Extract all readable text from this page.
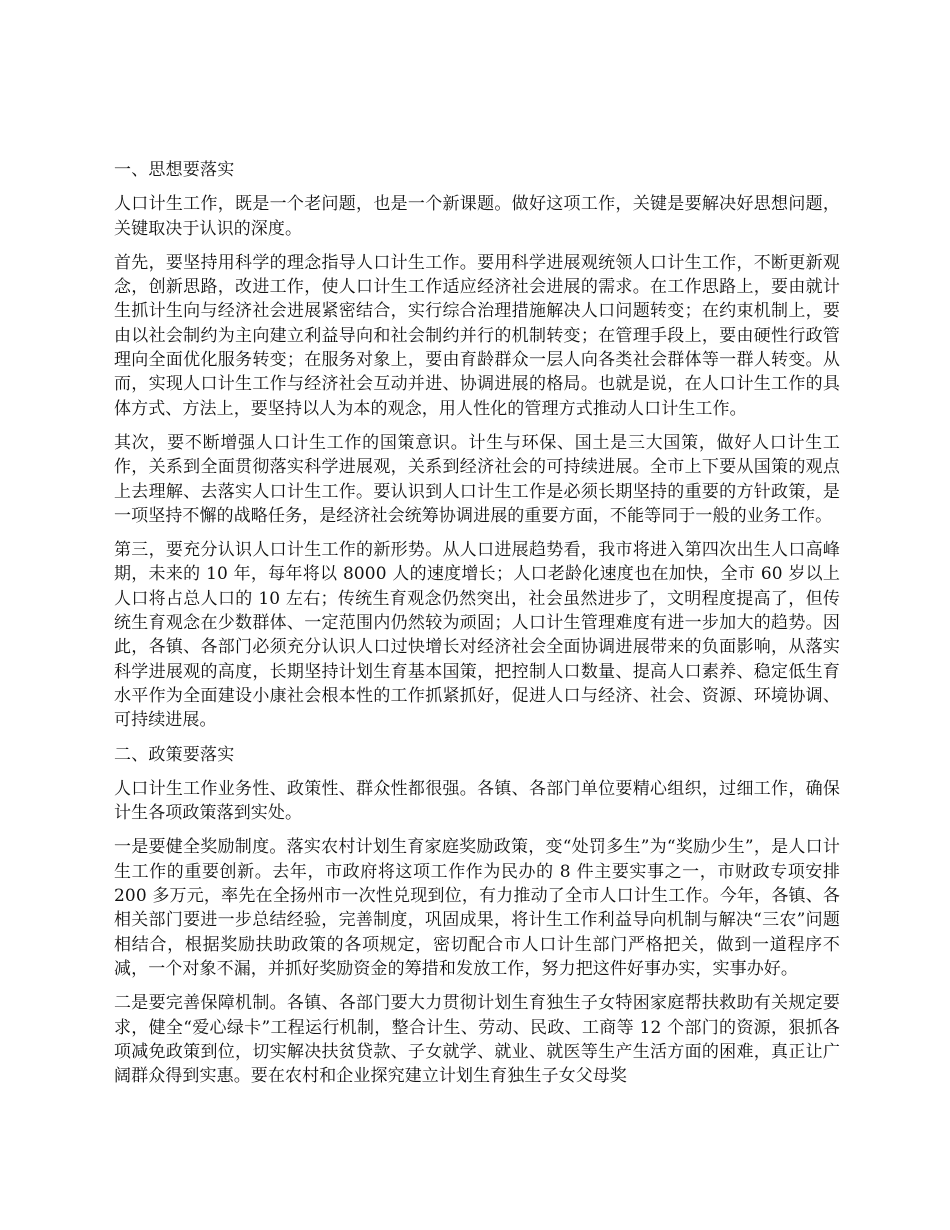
一、思想要落实

人口计生工作，既是一个老问题，也是一个新课题。做好这项工作，关键是要解决好思想问题，关键取决于认识的深度。

首先，要坚持用科学的理念指导人口计生工作。要用科学进展观统领人口计生工作，不断更新观念，创新思路，改进工作，使人口计生工作适应经济社会进展的需求。在工作思路上，要由就计生抓计生向与经济社会进展紧密结合，实行综合治理措施解决人口问题转变；在约束机制上，要由以社会制约为主向建立利益导向和社会制约并行的机制转变；在管理手段上，要由硬性行政管理向全面优化服务转变；在服务对象上，要由育龄群众一层人向各类社会群体等一群人转变。从而，实现人口计生工作与经济社会互动并进、协调进展的格局。也就是说，在人口计生工作的具体方式、方法上，要坚持以人为本的观念，用人性化的管理方式推动人口计生工作。

其次，要不断增强人口计生工作的国策意识。计生与环保、国土是三大国策，做好人口计生工作，关系到全面贯彻落实科学进展观，关系到经济社会的可持续进展。全市上下要从国策的观点上去理解、去落实人口计生工作。要认识到人口计生工作是必须长期坚持的重要的方针政策，是一项坚持不懈的战略任务，是经济社会统筹协调进展的重要方面，不能等同于一般的业务工作。

第三，要充分认识人口计生工作的新形势。从人口进展趋势看，我市将进入第四次出生人口高峰期，未来的 10 年，每年将以 8000 人的速度增长；人口老龄化速度也在加快，全市 60 岁以上人口将占总人口的 10 左右；传统生育观念仍然突出，社会虽然进步了，文明程度提高了，但传统生育观念在少数群体、一定范围内仍然较为顽固；人口计生管理难度有进一步加大的趋势。因此，各镇、各部门必须充分认识人口过快增长对经济社会全面协调进展带来的负面影响，从落实科学进展观的高度，长期坚持计划生育基本国策，把控制人口数量、提高人口素养、稳定低生育水平作为全面建设小康社会根本性的工作抓紧抓好，促进人口与经济、社会、资源、环境协调、可持续进展。

二、政策要落实

人口计生工作业务性、政策性、群众性都很强。各镇、各部门单位要精心组织，过细工作，确保计生各项政策落到实处。

一是要健全奖励制度。落实农村计划生育家庭奖励政策，变“处罚多生”为“奖励少生”，是人口计生工作的重要创新。去年，市政府将这项工作作为民办的 8 件主要实事之一，市财政专项安排 200 多万元，率先在全扬州市一次性兑现到位，有力推动了全市人口计生工作。今年，各镇、各相关部门要进一步总结经验，完善制度，巩固成果，将计生工作利益导向机制与解决“三农”问题相结合，根据奖励扶助政策的各项规定，密切配合市人口计生部门严格把关，做到一道程序不减，一个对象不漏，并抓好奖励资金的筹措和发放工作，努力把这件好事办实，实事办好。

二是要完善保障机制。各镇、各部门要大力贯彻计划生育独生子女特困家庭帮扶救助有关规定要求，健全“爱心绿卡”工程运行机制，整合计生、劳动、民政、工商等 12 个部门的资源，狠抓各项减免政策到位，切实解决扶贫贷款、子女就学、就业、就医等生产生活方面的困难，真正让广阔群众得到实惠。要在农村和企业探究建立计划生育独生子女父母奖
